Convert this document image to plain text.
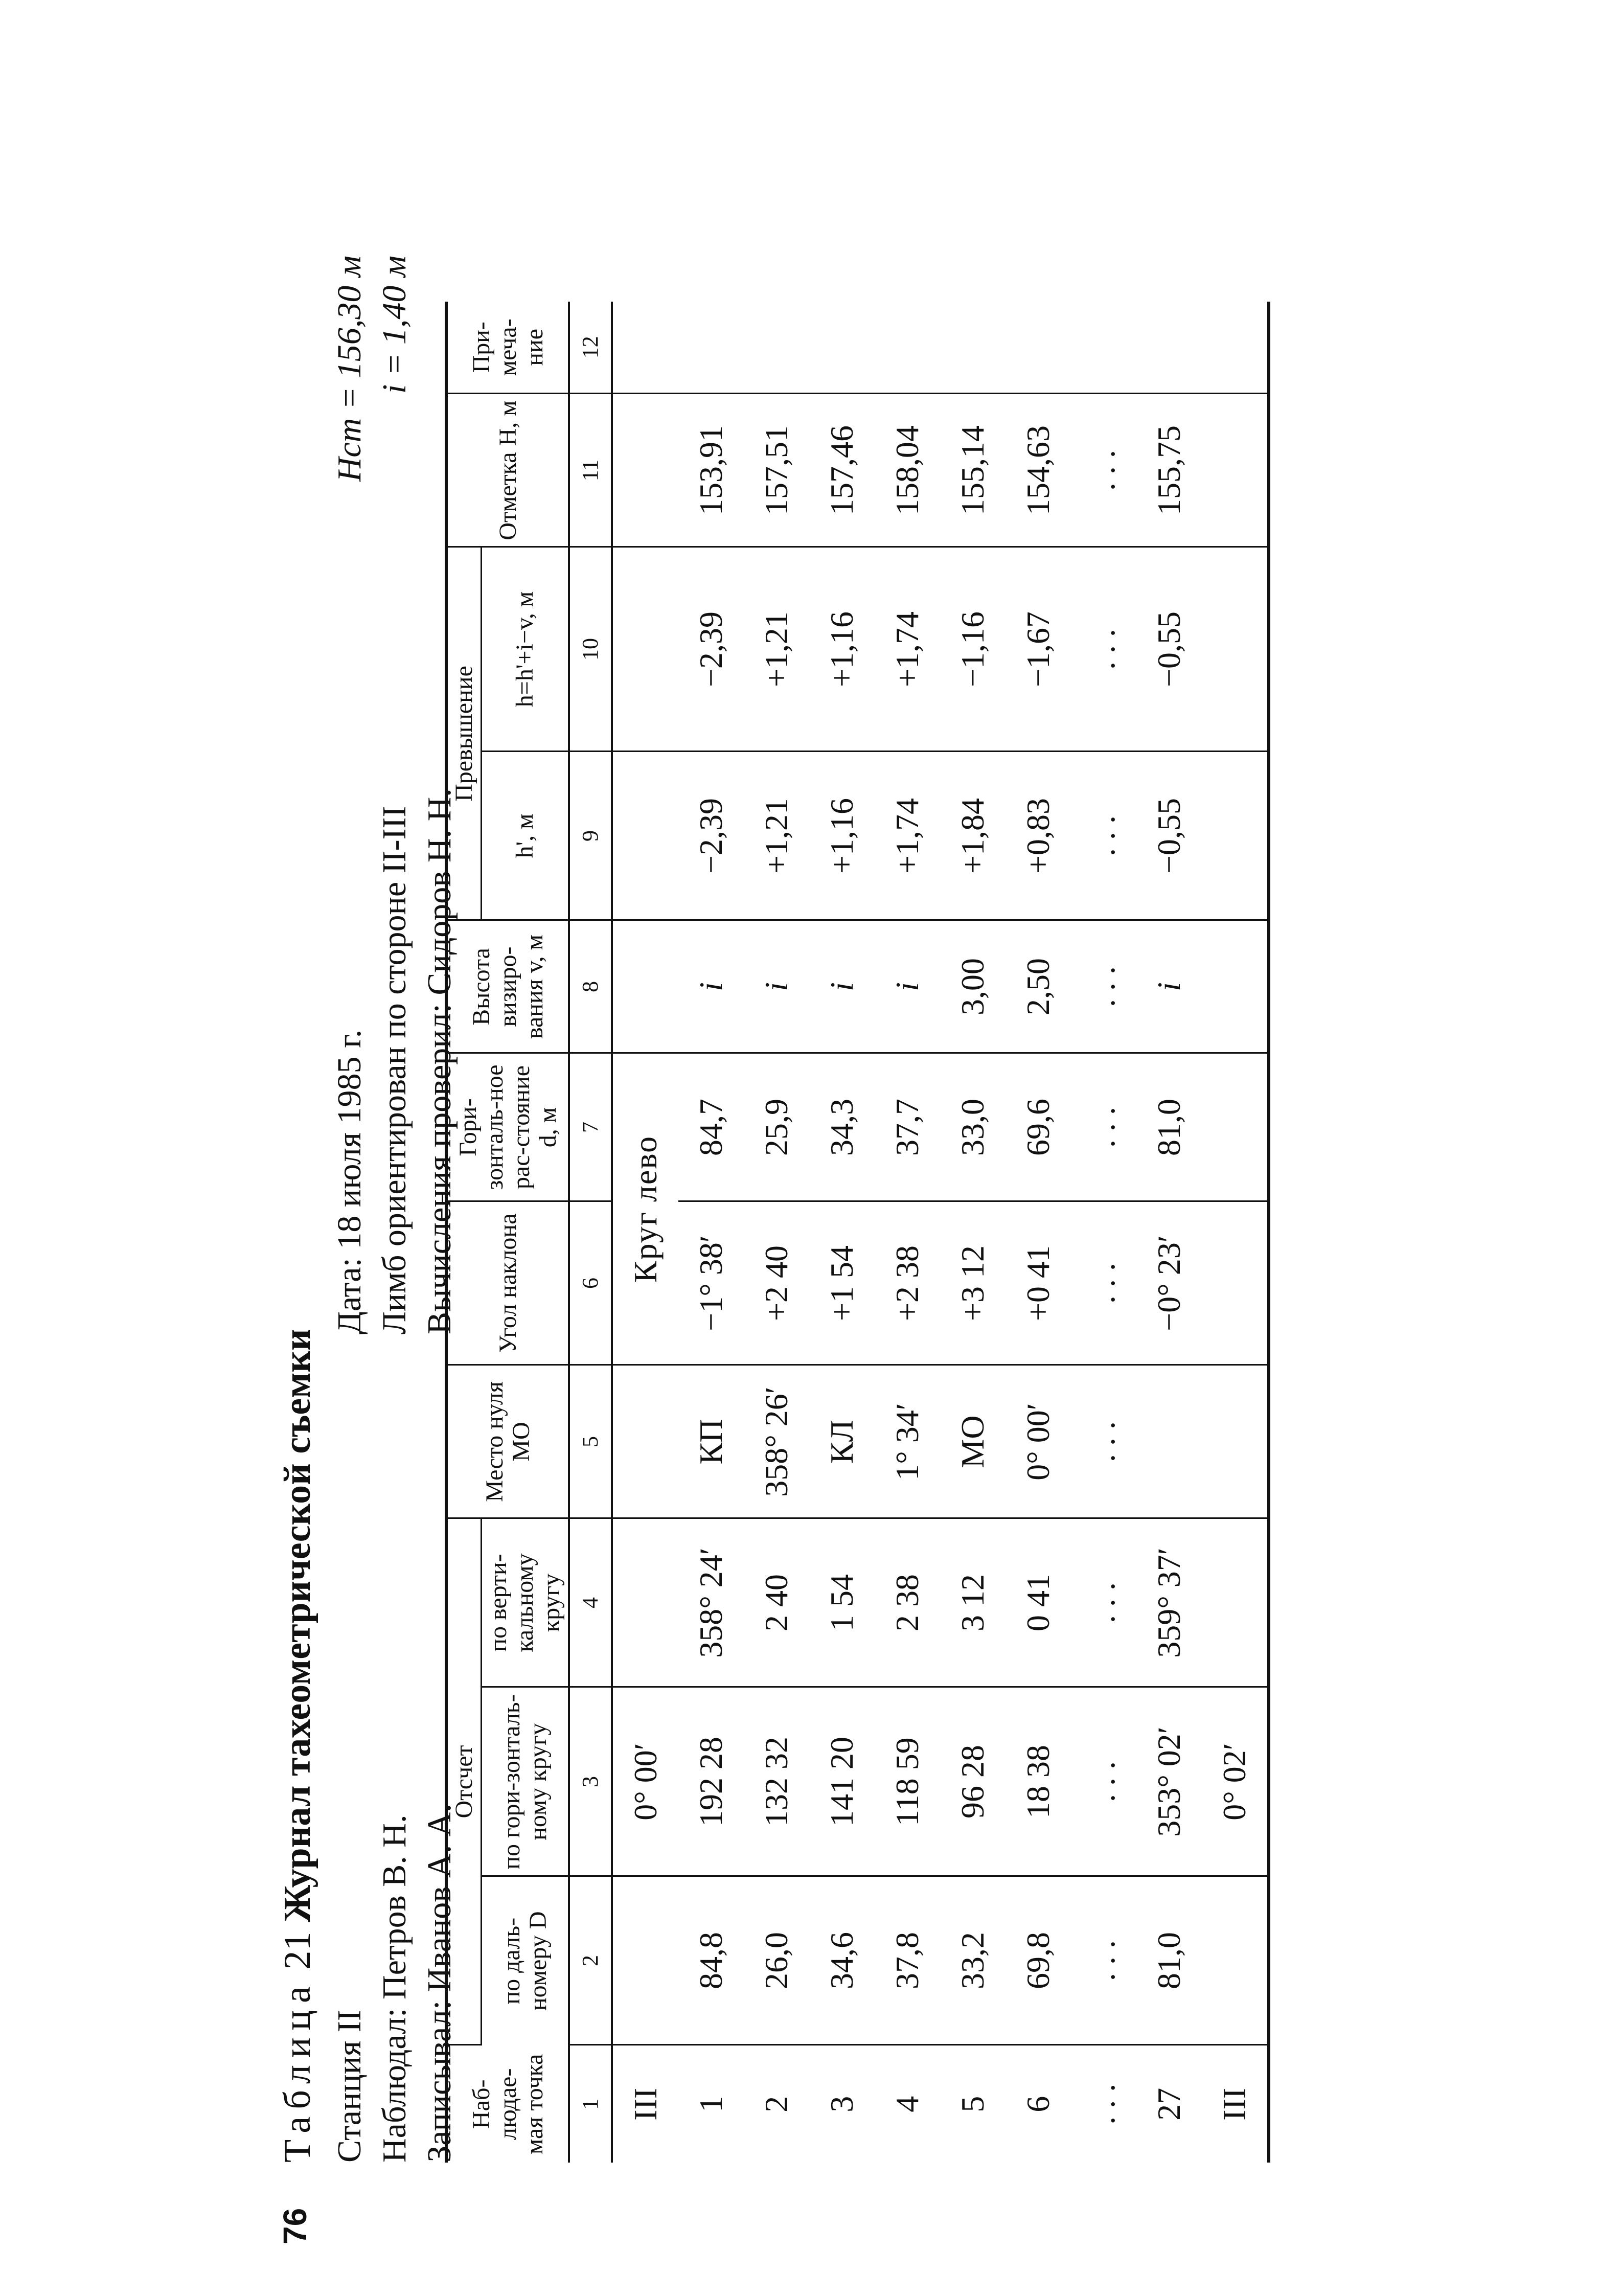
76
Таблица 21 Журнал тахеометрической съемки
Станция II Наблюдал: Петров В. Н. Записывал: Иванов А. А.
Дата: 18 июля 1985 г. Лимб ориентирован по стороне II-III Вычисления проверил: Сидоров Н. Н.
Hст = 156,30 м i = 1,40 м
Наб-людае-мая точка	Отсчет			Место нуля МО	Угол наклона	Гори-зонталь-ное рас-стояние d, м	Высота визиро-вания v, м	Превышение		Отметка H, м	При-меча-ние
	по даль-номеру D	по гори-зонталь-ному кругу	по верти-кальному кругу					h', м	h=h'+i−v, м		
1	2	3	4	5	6	7	8	9	10	11	12
III		0° 00′			Круг лево						
1	84,8	192 28	358° 24′	КП	−1° 38′	84,7	i	−2,39	−2,39	153,91	
2	26,0	132 32	2 40	358° 26′	+2 40	25,9	i	+1,21	+1,21	157,51	
3	34,6	141 20	1 54	КЛ	+1 54	34,3	i	+1,16	+1,16	157,46	
4	37,8	118 59	2 38	1° 34′	+2 38	37,7	i	+1,74	+1,74	158,04	
5	33,2	96 28	3 12	МО	+3 12	33,0	3,00	+1,84	−1,16	155,14	
6	69,8	18 38	0 41	0° 00′	+0 41	69,6	2,50	+0,83	−1,67	154,63	
. . .	. . .	. . .	. . .	. . .	. . .	. . .	. . .	. . .	. . .	. . .	
27	81,0	353° 02′	359° 37′		−0° 23′	81,0	i	−0,55	−0,55	155,75	
III		0° 02′									
